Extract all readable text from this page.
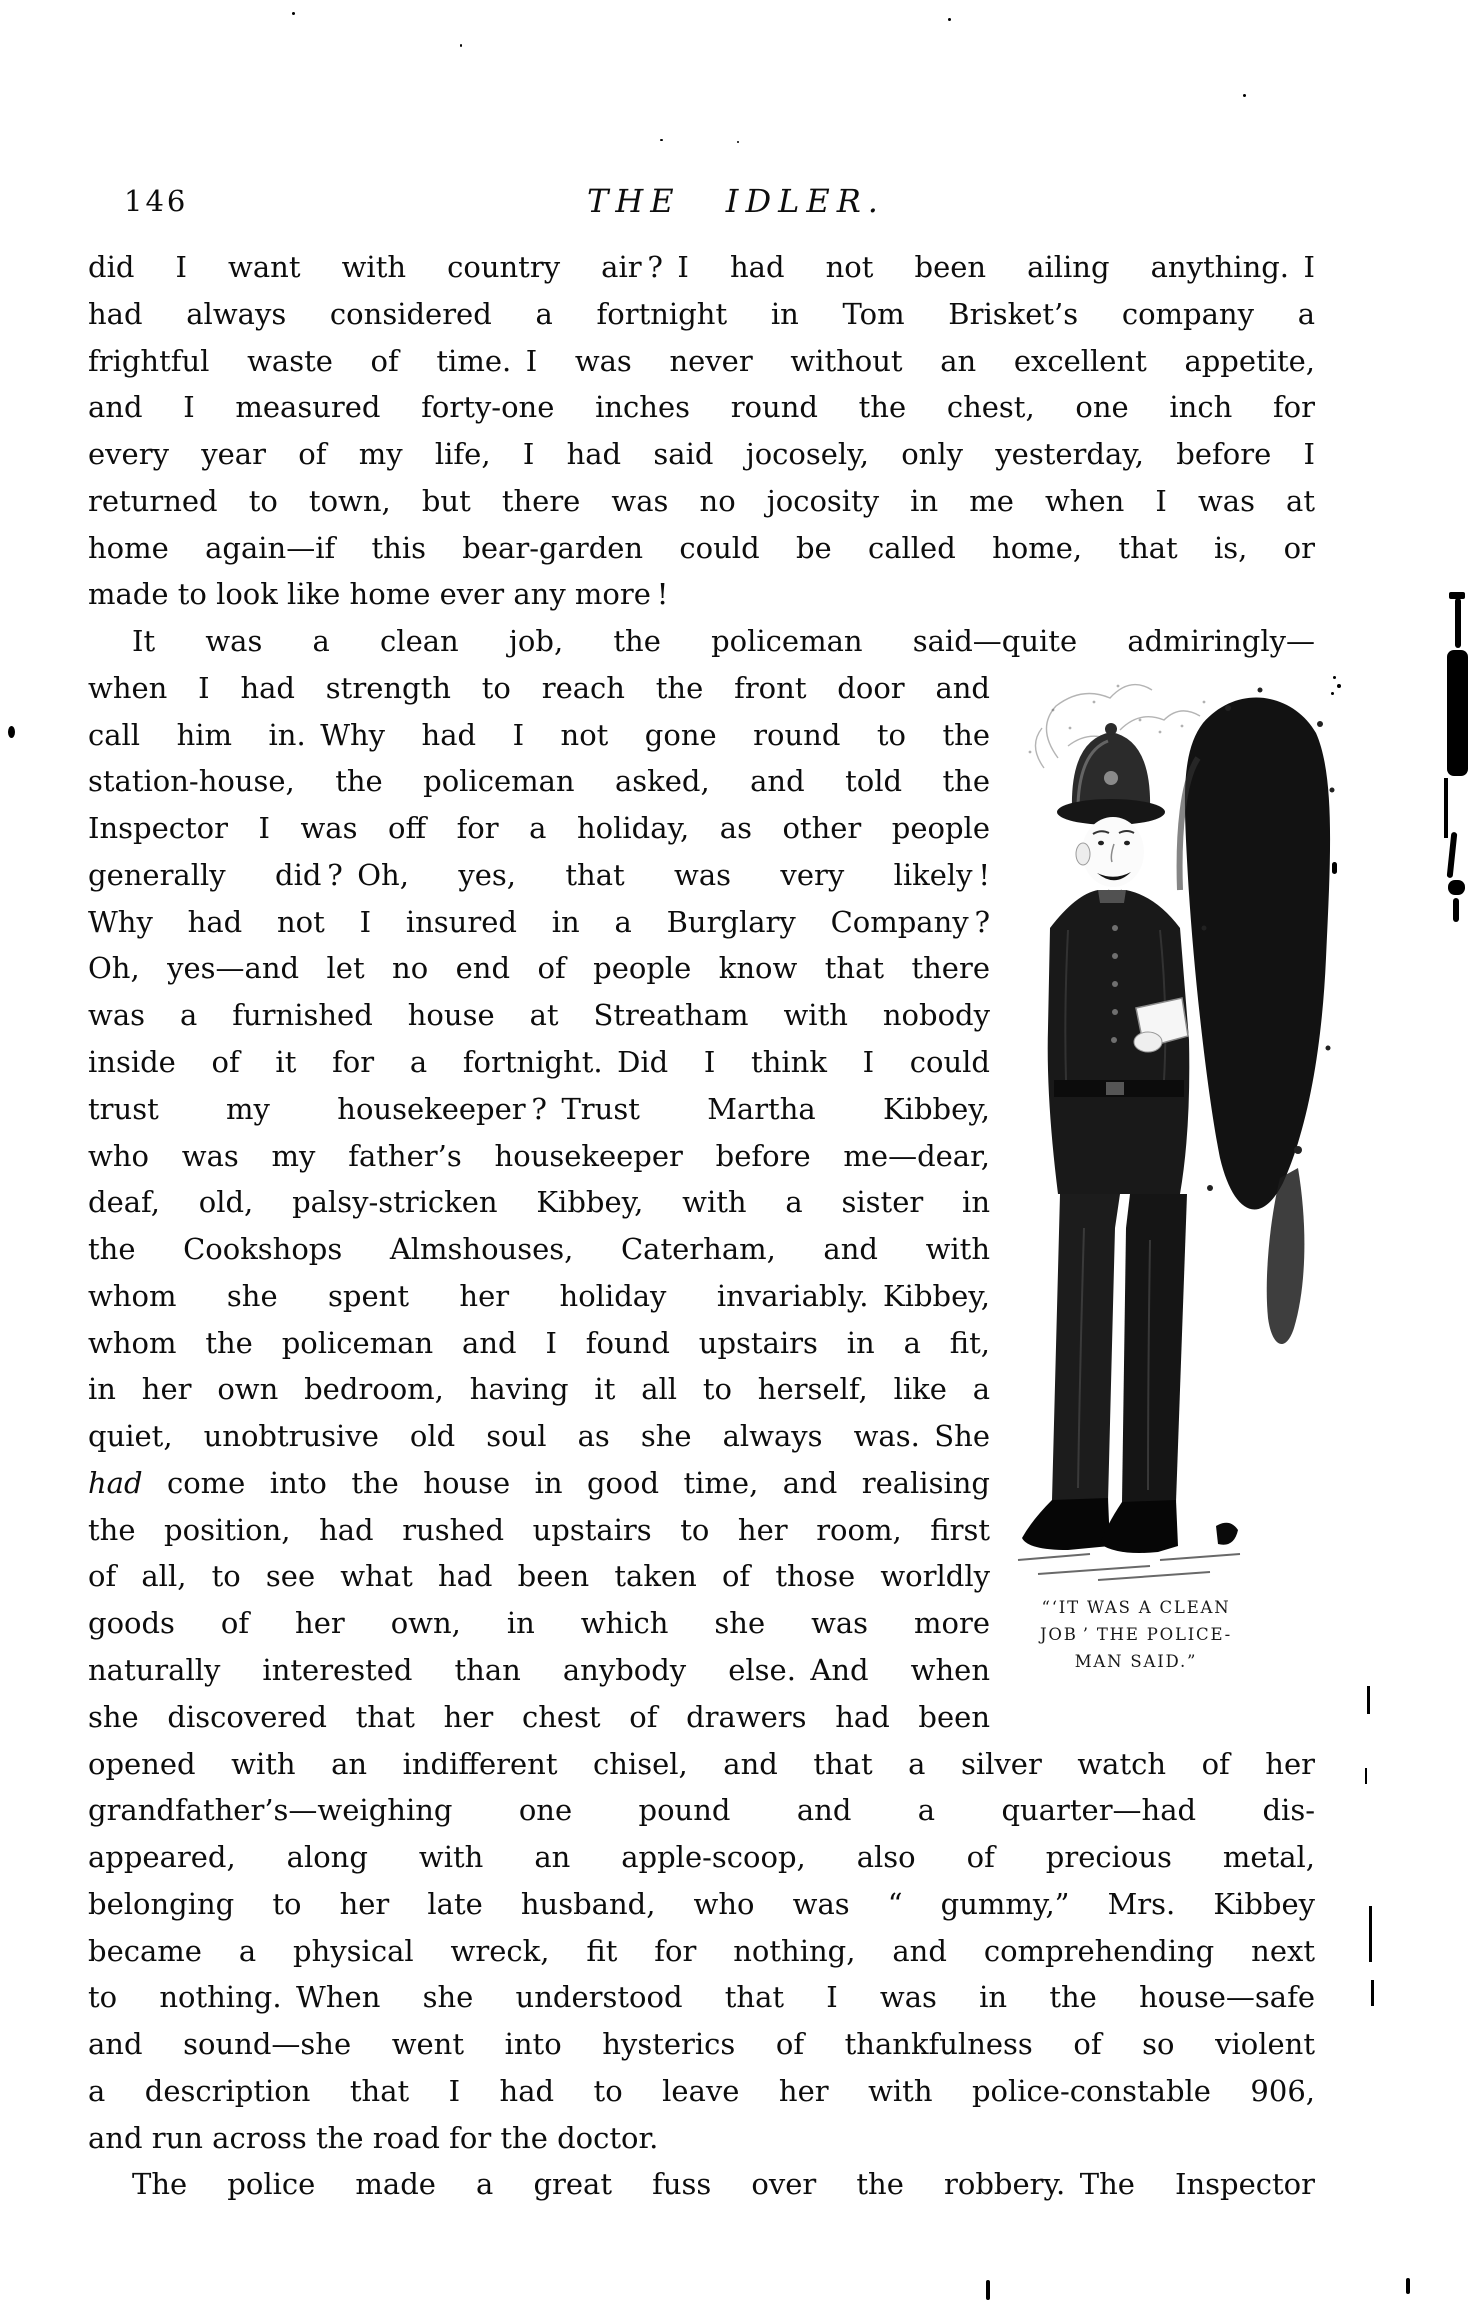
146	THE IDLER.
did I want with country air ? I had not been ailing anything. I
had always considered a fortnight in Tom Brisket’s company a
frightful waste of time. I was never without an excellent appetite,
and I measured forty-one inches round the chest, one inch for
every year of my life, I had said jocosely, only yesterday, before I
returned to town, but there was no jocosity in me when I was at
home again—if this bear-garden could be called home, that is, or
made to look like home ever any more !
It was a clean job, the policeman said—quite admiringly—
when I had strength to reach the front door and
call him in. Why had I not gone round to the
station-house, the policeman asked, and told the
Inspector I was off for a holiday, as other people
generally did ? Oh, yes, that was very likely !
Why had not I insured in a Burglary Company ?
Oh, yes—and let no end of people know that there
was a furnished house at Streatham with nobody
inside of it for a fortnight. Did I think I could
trust my housekeeper ? Trust Martha Kibbey,
who was my father’s housekeeper before me—dear,
deaf, old, palsy-stricken Kibbey, with a sister in
the Cookshops Almshouses, Caterham, and with
whom she spent her holiday invariably. Kibbey,
whom the policeman and I found upstairs in a fit,
in her own bedroom, having it all to herself, like a
quiet, unobtrusive old soul as she always was. She
had come into the house in good time, and realising
the position, had rushed upstairs to her room, first
of all, to see what had been taken of those worldly
goods of her own, in which she was more
naturally interested than anybody else. And when
she discovered that her chest of drawers had been
opened with an indifferent chisel, and that a silver watch of her
grandfather’s—weighing one pound and a quarter—had dis-
appeared, along with an apple-scoop, also of precious metal,
belonging to her late husband, who was “ gummy,” Mrs. Kibbey
became a physical wreck, fit for nothing, and comprehending next
to nothing. When she understood that I was in the house—safe
and sound—she went into hysterics of thankfulness of so violent
a description that I had to leave her with police-constable 906,
and run across the road for the doctor.
The police made a great fuss over the robbery. The Inspector
“‘IT WAS A CLEAN
JOB ’ THE POLICE-
MAN SAID.”
